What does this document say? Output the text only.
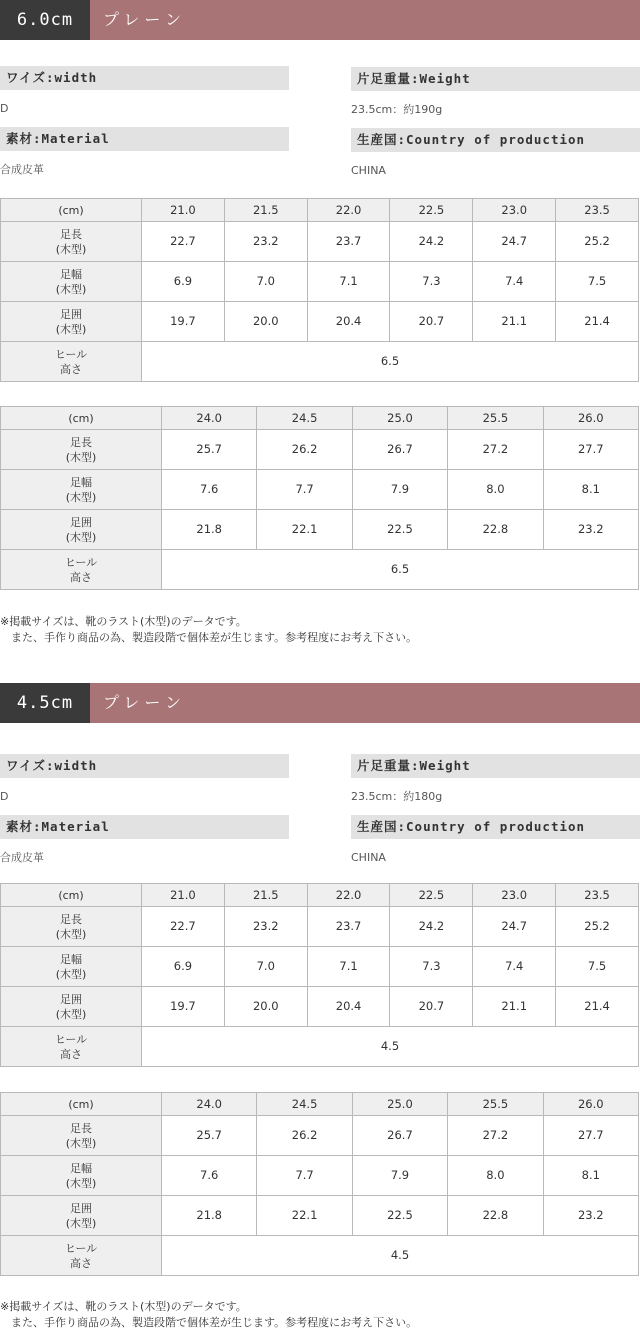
6.0cm	プレーン
ワイズ:width
D
片足重量:Weight
23.5cm：約190g
素材:Material
合成皮革
生産国:Country of production
CHINA
(cm)	21.0	21.5	22.0	22.5	23.0	23.5
足長
(木型)	22.7	23.2	23.7	24.2	24.7	25.2
足幅
(木型)	6.9	7.0	7.1	7.3	7.4	7.5
足囲
(木型)	19.7	20.0	20.4	20.7	21.1	21.4
ヒール
高さ	6.5					
(cm)	24.0	24.5	25.0	25.5	26.0
足長
(木型)	25.7	26.2	26.7	27.2	27.7
足幅
(木型)	7.6	7.7	7.9	8.0	8.1
足囲
(木型)	21.8	22.1	22.5	22.8	23.2
ヒール
高さ	6.5				
※掲載サイズは、靴のラスト(木型)のデータです。
　また、手作り商品の為、製造段階で個体差が生じます。参考程度にお考え下さい。
4.5cm	プレーン
ワイズ:width
D
片足重量:Weight
23.5cm：約180g
素材:Material
合成皮革
生産国:Country of production
CHINA
(cm)	21.0	21.5	22.0	22.5	23.0	23.5
足長
(木型)	22.7	23.2	23.7	24.2	24.7	25.2
足幅
(木型)	6.9	7.0	7.1	7.3	7.4	7.5
足囲
(木型)	19.7	20.0	20.4	20.7	21.1	21.4
ヒール
高さ	4.5					
(cm)	24.0	24.5	25.0	25.5	26.0
足長
(木型)	25.7	26.2	26.7	27.2	27.7
足幅
(木型)	7.6	7.7	7.9	8.0	8.1
足囲
(木型)	21.8	22.1	22.5	22.8	23.2
ヒール
高さ	4.5				
※掲載サイズは、靴のラスト(木型)のデータです。
　また、手作り商品の為、製造段階で個体差が生じます。参考程度にお考え下さい。
